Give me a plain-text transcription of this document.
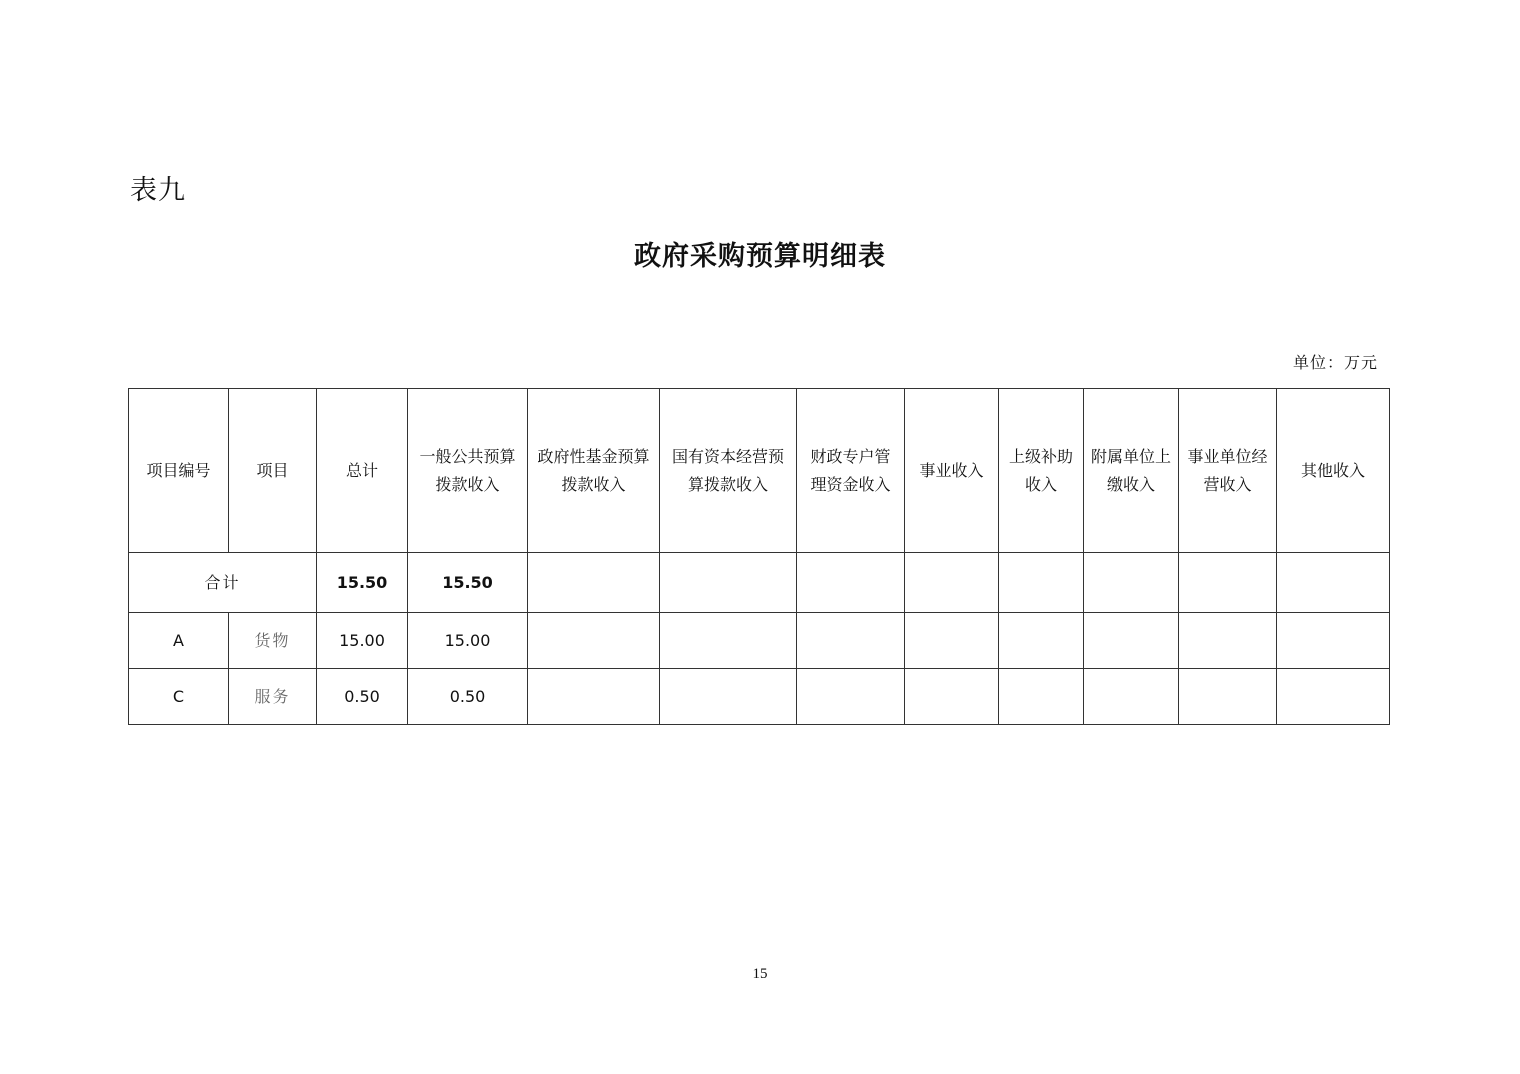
表九
政府采购预算明细表
单位：万元
项目编号	项目	总计	一般公共预算拨款收入	政府性基金预算拨款收入	国有资本经营预算拨款收入	财政专户管理资金收入	事业收入	上级补助收入	附属单位上缴收入	事业单位经营收入	其他收入
合计		15.50	15.50								
A	货物	15.00	15.00								
C	服务	0.50	0.50								
15
